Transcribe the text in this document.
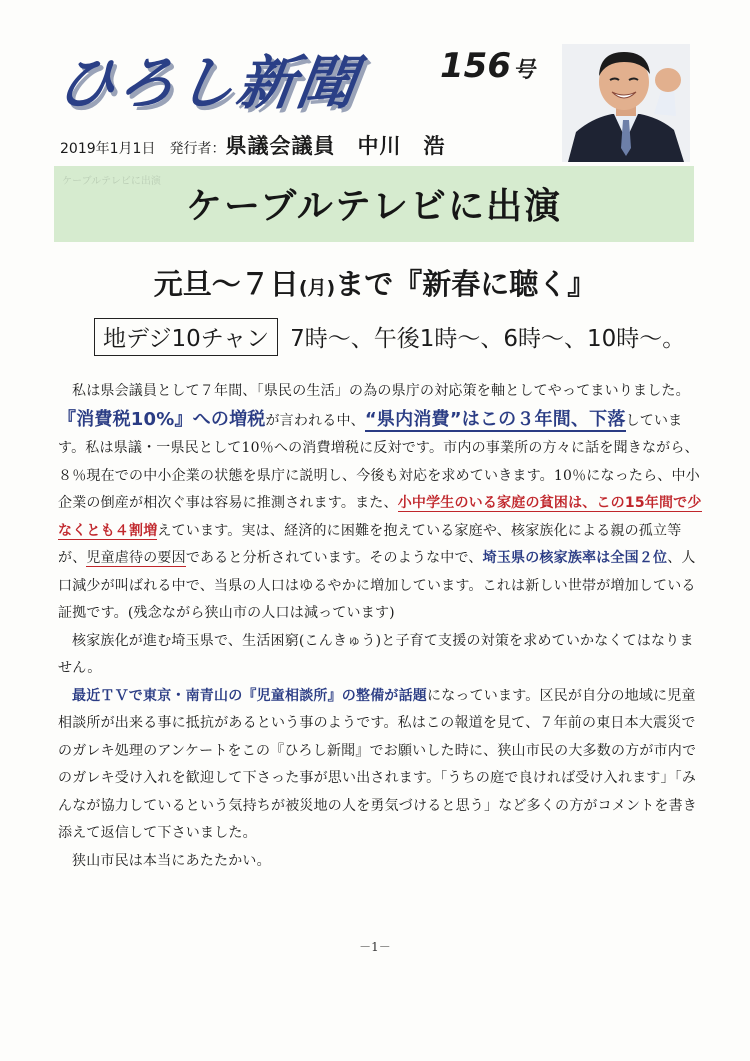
ひろし新聞 156号
2019年1月1日 発行者：県議会議員　中川　浩
ケーブルテレビに出演
ケーブルテレビに出演
元旦～７日(月)まで『新春に聴く』
地デジ10チャン 7時～、午後1時～、6時～、10時～。

私は県会議員として７年間、「県民の生活」の為の県庁の対応策を軸としてやってまいりました。『消費税10%』への増税が言われる中、“県内消費”はこの３年間、下落しています。私は県議・一県民として10％への消費増税に反対です。市内の事業所の方々に話を聞きながら、８％現在での中小企業の状態を県庁に説明し、今後も対応を求めていきます。10％になったら、中小企業の倒産が相次ぐ事は容易に推測されます。また、小中学生のいる家庭の貧困は、この15年間で少なくとも４割増えています。実は、経済的に困難を抱えている家庭や、核家族化による親の孤立等が、児童虐待の要因であると分析されています。そのような中で、埼玉県の核家族率は全国２位、人口減少が叫ばれる中で、当県の人口はゆるやかに増加しています。これは新しい世帯が増加している証拠です。(残念ながら狭山市の人口は減っています)

核家族化が進む埼玉県で、生活困窮(こんきゅう)と子育て支援の対策を求めていかなくてはなりません。

最近ＴＶで東京・南青山の『児童相談所』の整備が話題になっています。区民が自分の地域に児童相談所が出来る事に抵抗があるという事のようです。私はこの報道を見て、７年前の東日本大震災でのガレキ処理のアンケートをこの『ひろし新聞』でお願いした時に、狭山市民の大多数の方が市内でのガレキ受け入れを歓迎して下さった事が思い出されます。「うちの庭で良ければ受け入れます」「みんなが協力しているという気持ちが被災地の人を勇気づけると思う」など多くの方がコメントを書き添えて返信して下さいました。

狭山市民は本当にあたたかい。

－1－
